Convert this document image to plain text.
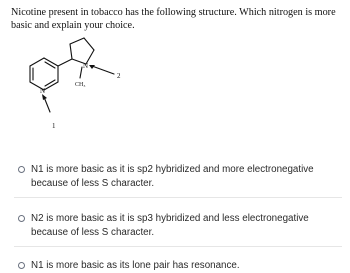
Nicotine present in tobacco has the following structure. Which nitrogen is more basic and explain your choice.
N
N
CH₃
1
2
N1 is more basic as it is sp2 hybridized and more electronegative because of less S character.
N2 is more basic as it is sp3 hybridized and less electronegative because of less S character.
N1 is more basic as its lone pair has resonance.
